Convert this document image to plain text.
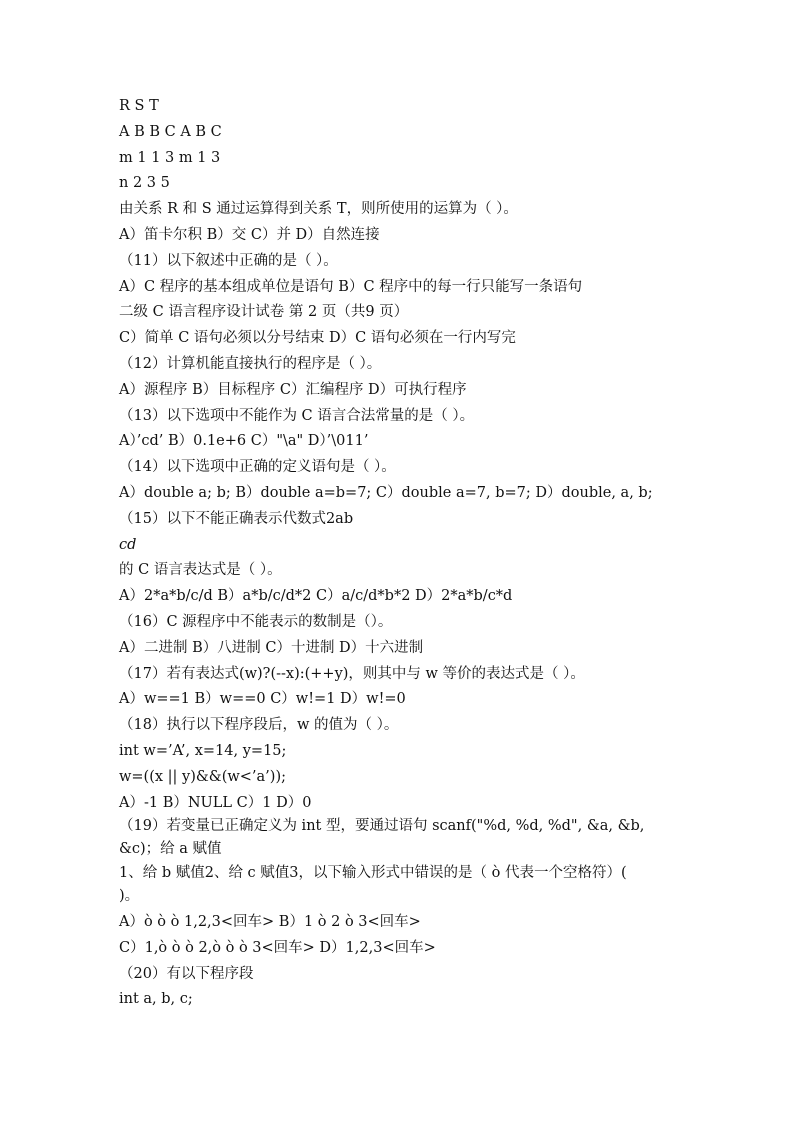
R S T
A B B C A B C
m 1 1 3 m 1 3
n 2 3 5
由关系 R 和 S 通过运算得到关系 T，则所使用的运算为（ ）。
A）笛卡尔积 B）交 C）并 D）自然连接
（11）以下叙述中正确的是（ ）。
A）C 程序的基本组成单位是语句 B）C 程序中的每一行只能写一条语句
二级 C 语言程序设计试卷 第 2 页（共9 页）
C）简单 C 语句必须以分号结束 D）C 语句必须在一行内写完
（12）计算机能直接执行的程序是（ ）。
A）源程序 B）目标程序 C）汇编程序 D）可执行程序
（13）以下选项中不能作为 C 语言合法常量的是（ ）。
A）’cd’ B）0.1e+6 C）"\a" D）’\011’
（14）以下选项中正确的定义语句是（ ）。
A）double a; b; B）double a=b=7; C）double a=7, b=7; D）double, a, b;
（15）以下不能正确表示代数式2ab
cd
的 C 语言表达式是（ ）。
A）2*a*b/c/d B）a*b/c/d*2 C）a/c/d*b*2 D）2*a*b/c*d
（16）C 源程序中不能表示的数制是（）。
A）二进制 B）八进制 C）十进制 D）十六进制
（17）若有表达式(w)?(--x):(++y)，则其中与 w 等价的表达式是（ ）。
A）w==1 B）w==0 C）w!=1 D）w!=0
（18）执行以下程序段后，w 的值为（ ）。
int w=’A’, x=14, y=15;
w=((x || y)&&(w<’a’));
A）-1 B）NULL C）1 D）0
（19）若变量已正确定义为 int 型，要通过语句 scanf("%d, %d, %d", &a, &b,
&c)；给 a 赋值
1、给 b 赋值2、给 c 赋值3，以下输入形式中错误的是（ ò 代表一个空格符）(
)。
A）ò ò ò 1,2,3<回车> B）1 ò 2 ò 3<回车>
C）1,ò ò ò 2,ò ò ò 3<回车> D）1,2,3<回车>
（20）有以下程序段
int a, b, c;
